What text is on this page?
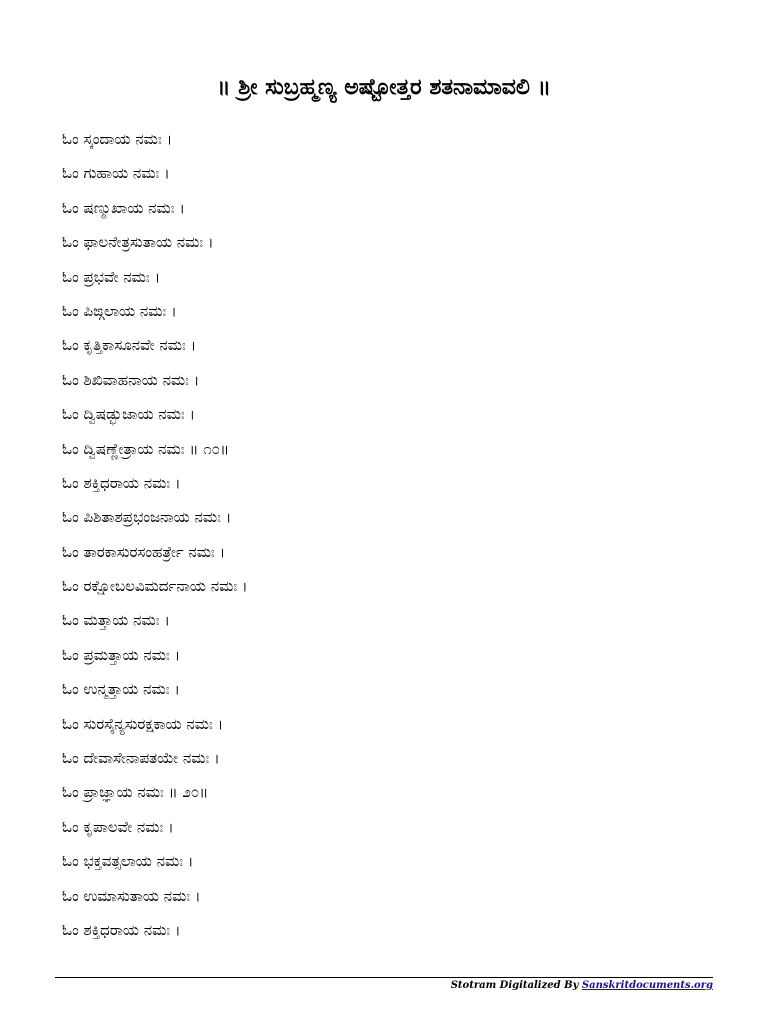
॥ ಶ್ರೀ ಸುಬ್ರಹ್ಮಣ್ಯ ಅಷ್ಟೋತ್ತರ ಶತನಾಮಾವಲಿ ॥
ಓಂ ಸ್ಕಂದಾಯ ನಮಃ ।
ಓಂ ಗುಹಾಯ ನಮಃ ।
ಓಂ ಷಣ್ಮುಖಾಯ ನಮಃ ।
ಓಂ ಫಾಲನೇತ್ರಸುತಾಯ ನಮಃ ।
ಓಂ ಪ್ರಭವೇ ನಮಃ ।
ಓಂ ಪಿಙ್ಗಲಾಯ ನಮಃ ।
ಓಂ ಕೃತ್ತಿಕಾಸೂನವೇ ನಮಃ ।
ಓಂ ಶಿಖಿವಾಹನಾಯ ನಮಃ ।
ಓಂ ದ್ವಿಷಡ್ಭುಜಾಯ ನಮಃ ।
ಓಂ ದ್ವಿಷಣ್ಣೇತ್ರಾಯ ನಮಃ ॥ ೧೦॥
ಓಂ ಶಕ್ತಿಧರಾಯ ನಮಃ ।
ಓಂ ಪಿಶಿತಾಶಪ್ರಭಂಜನಾಯ ನಮಃ ।
ಓಂ ತಾರಕಾಸುರಸಂಹರ್ತ್ರೇ ನಮಃ ।
ಓಂ ರಕ್ಷೋಬಲವಿಮರ್ದನಾಯ ನಮಃ ।
ಓಂ ಮತ್ತಾಯ ನಮಃ ।
ಓಂ ಪ್ರಮತ್ತಾಯ ನಮಃ ।
ಓಂ ಉನ್ಮತ್ತಾಯ ನಮಃ ।
ಓಂ ಸುರಸೈನ್ಯಸುರಕ್ಷಕಾಯ ನಮಃ ।
ಓಂ ದೇವಾಸೇನಾಪತಯೇ ನಮಃ ।
ಓಂ ಪ್ರಾಜ್ಞಾಯ ನಮಃ ॥ ೨೦॥
ಓಂ ಕೃಪಾಲವೇ ನಮಃ ।
ಓಂ ಭಕ್ತವತ್ಸಲಾಯ ನಮಃ ।
ಓಂ ಉಮಾಸುತಾಯ ನಮಃ ।
ಓಂ ಶಕ್ತಿಧರಾಯ ನಮಃ ।
Stotram Digitalized By Sanskritdocuments.org
